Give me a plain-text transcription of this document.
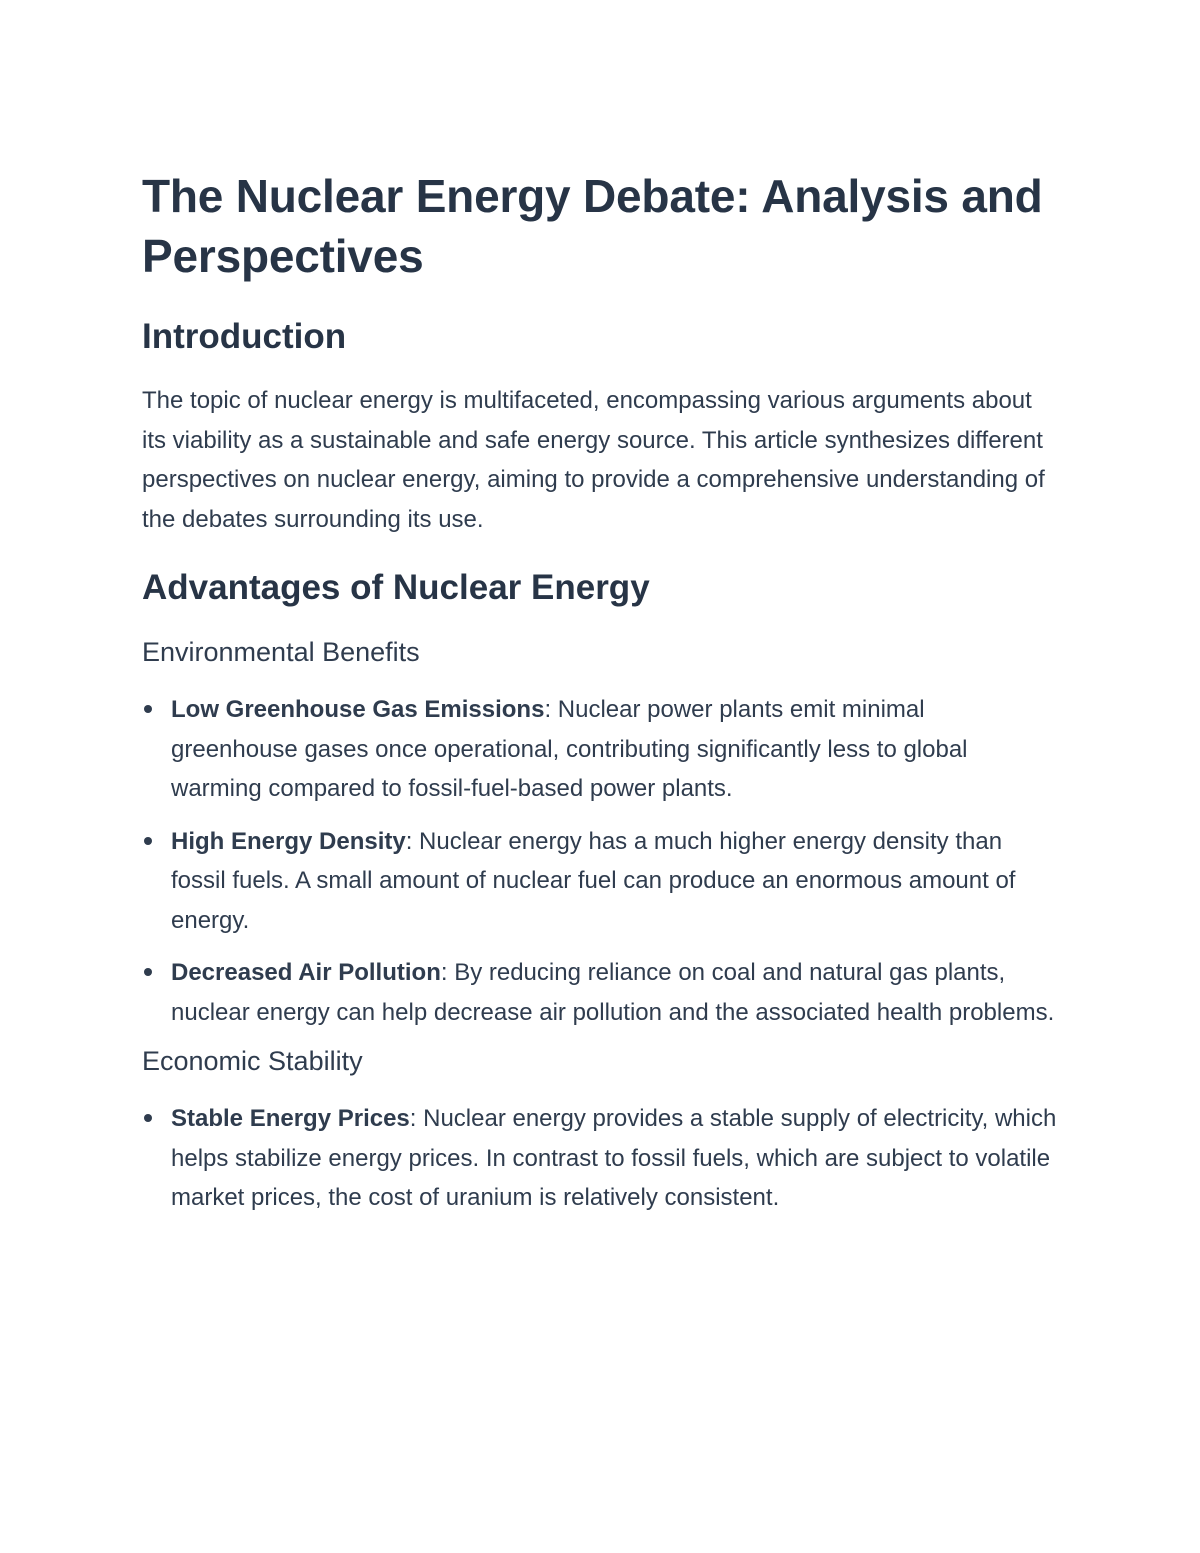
The Nuclear Energy Debate: Analysis and Perspectives
Introduction

The topic of nuclear energy is multifaceted, encompassing various arguments about its viability as a sustainable and safe energy source. This article synthesizes different perspectives on nuclear energy, aiming to provide a comprehensive understanding of the debates surrounding its use.

Advantages of Nuclear Energy
Environmental Benefits
Low Greenhouse Gas Emissions: Nuclear power plants emit minimal greenhouse gases once operational, contributing significantly less to global warming compared to fossil-fuel-based power plants.
High Energy Density: Nuclear energy has a much higher energy density than fossil fuels. A small amount of nuclear fuel can produce an enormous amount of energy.
Decreased Air Pollution: By reducing reliance on coal and natural gas plants, nuclear energy can help decrease air pollution and the associated health problems.
Economic Stability
Stable Energy Prices: Nuclear energy provides a stable supply of electricity, which helps stabilize energy prices. In contrast to fossil fuels, which are subject to volatile market prices, the cost of uranium is relatively consistent.
